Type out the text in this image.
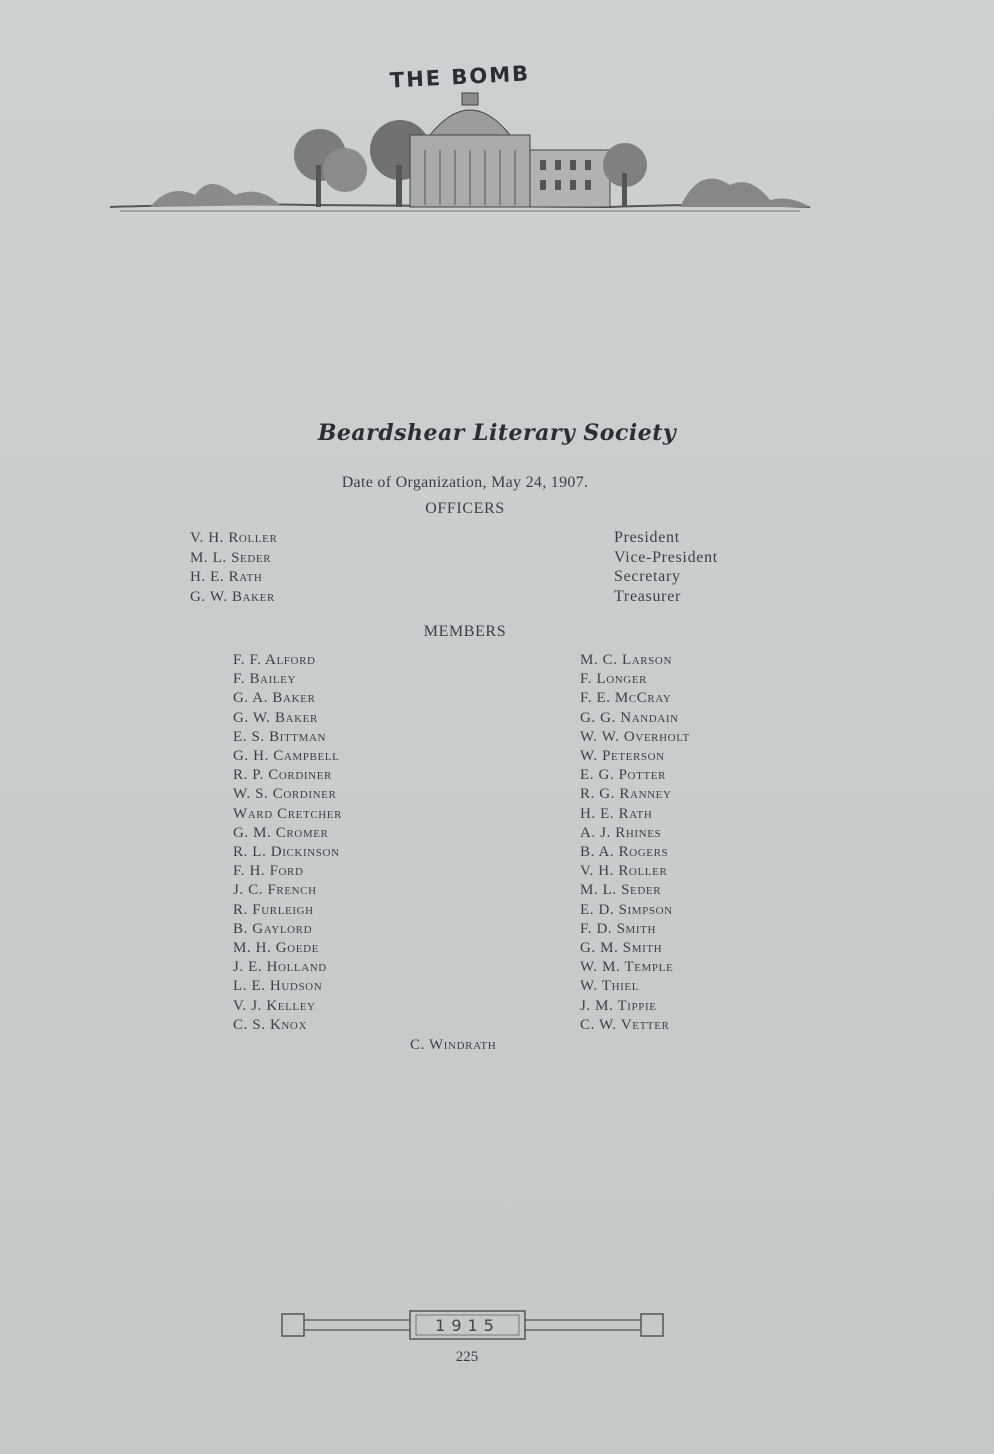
THE BOMB
Beardshear Literary Society
Date of Organization, May 24, 1907.
OFFICERS
V. H. Roller
M. L. Seder
H. E. Rath
G. W. Baker
President
Vice-President
Secretary
Treasurer
MEMBERS
F. F. Alford
F. Bailey
G. A. Baker
G. W. Baker
E. S. Bittman
G. H. Campbell
R. P. Cordiner
W. S. Cordiner
Ward Cretcher
G. M. Cromer
R. L. Dickinson
F. H. Ford
J. C. French
R. Furleigh
B. Gaylord
M. H. Goede
J. E. Holland
L. E. Hudson
V. J. Kelley
C. S. Knox
M. C. Larson
F. Longer
F. E. McCray
G. G. Nandain
W. W. Overholt
W. Peterson
E. G. Potter
R. G. Ranney
H. E. Rath
A. J. Rhines
B. A. Rogers
V. H. Roller
M. L. Seder
E. D. Simpson
F. D. Smith
G. M. Smith
W. M. Temple
W. Thiel
J. M. Tippie
C. W. Vetter
C. Windrath
1915
225
